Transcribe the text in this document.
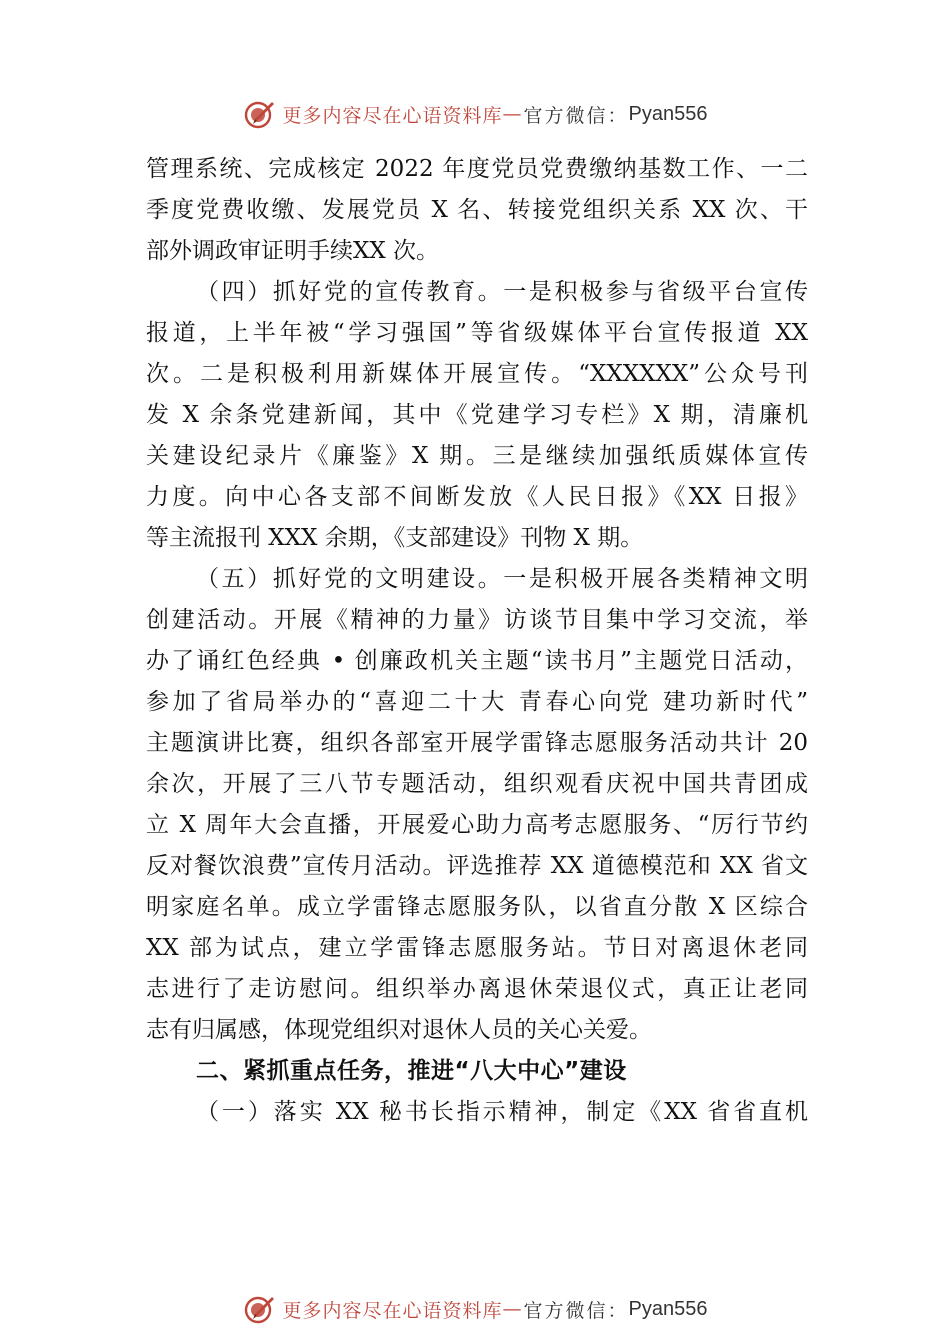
更多内容尽在心语资料库 — 官方微信： Pyan556
管理系统、完成核定 2022 年度党员党费缴纳基数工作、一二
季度党费收缴、发展党员 X 名、转接党组织关系 XX 次、干
部外调政审证明手续XX 次。
（四）抓好党的宣传教育。一是积极参与省级平台宣传
报道，上半年被“学习强国”等省级媒体平台宣传报道 XX
次。二是积极利用新媒体开展宣传。“XXXXXX”公众号刊
发 X 余条党建新闻，其中《党建学习专栏》X 期，清廉机
关建设纪录片《廉鉴》X 期。三是继续加强纸质媒体宣传
力度。向中心各支部不间断发放《人民日报》《XX 日报》
等主流报刊 XXX 余期，《支部建设》刊物 X 期。
（五）抓好党的文明建设。一是积极开展各类精神文明
创建活动。开展《精神的力量》访谈节目集中学习交流，举
办了诵红色经典 • 创廉政机关主题“读书月”主题党日活动，
参加了省局举办的“喜迎二十大 青春心向党 建功新时代”
主题演讲比赛，组织各部室开展学雷锋志愿服务活动共计 20
余次，开展了三八节专题活动，组织观看庆祝中国共青团成
立 X 周年大会直播，开展爱心助力高考志愿服务、“厉行节约
反对餐饮浪费”宣传月活动。评选推荐 XX 道德模范和 XX 省文
明家庭名单。成立学雷锋志愿服务队，以省直分散 X 区综合
XX 部为试点，建立学雷锋志愿服务站。节日对离退休老同
志进行了走访慰问。组织举办离退休荣退仪式，真正让老同
志有归属感，体现党组织对退休人员的关心关爱。
二、紧抓重点任务，推进“八大中心”建设
（一）落实 XX 秘书长指示精神，制定《XX 省省直机
更多内容尽在心语资料库 — 官方微信： Pyan556
